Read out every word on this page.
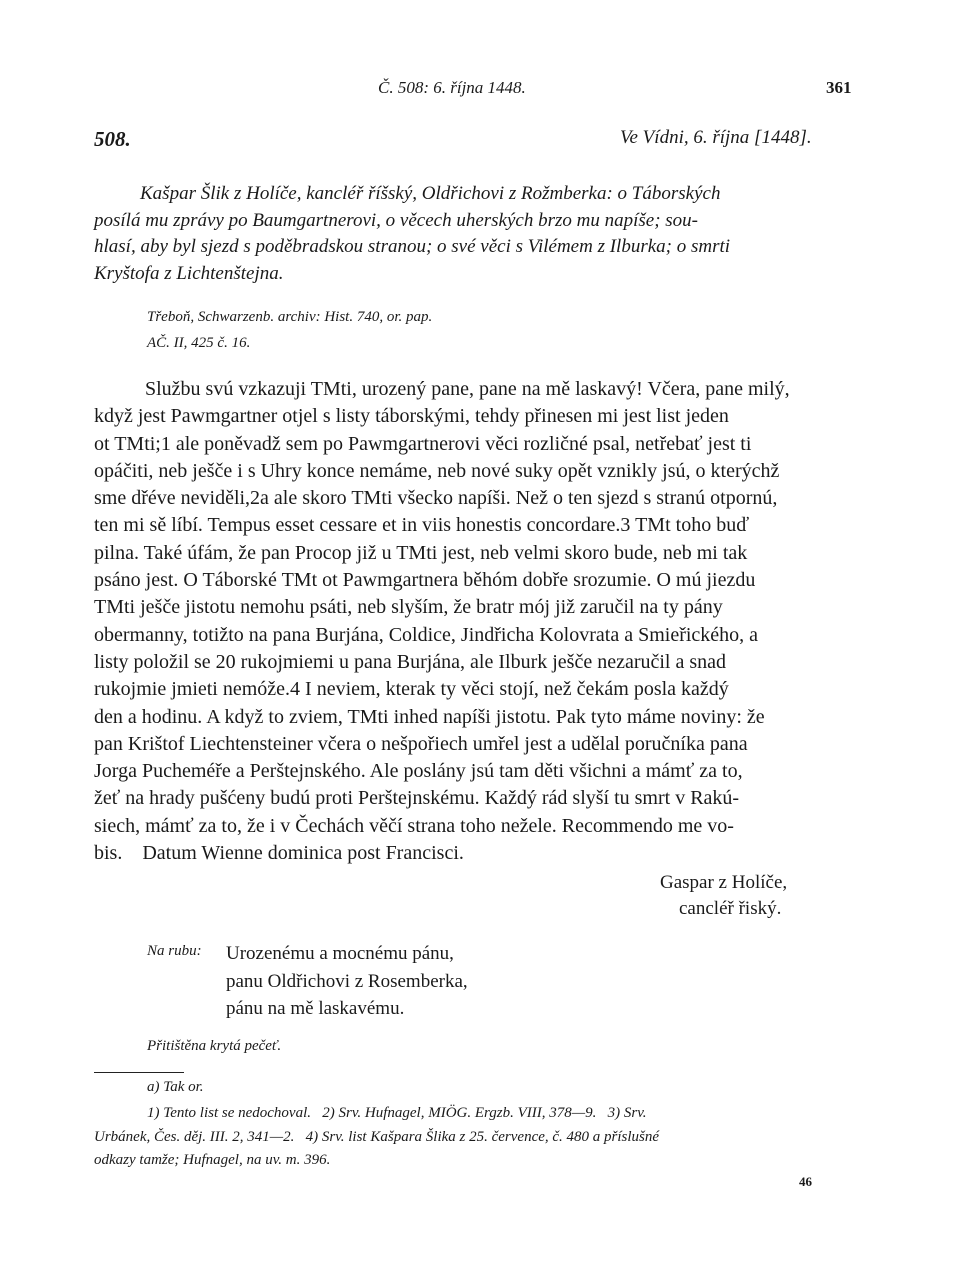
Č. 508: 6. října 1448.	361
508.	Ve Vídni, 6. října [1448].
Kašpar Šlik z Holíče, kancléř říšský, Oldřichovi z Rožmberka: o Táborských
posílá mu zprávy po Baumgartnerovi, o věcech uherských brzo mu napíše; sou-
hlasí, aby byl sjezd s poděbradskou stranou; o své věci s Vilémem z Ilburka; o smrti
Kryštofa z Lichtenštejna.
Třeboň, Schwarzenb. archiv: Hist. 740, or. pap.
AČ. II, 425 č. 16.
Službu svú vzkazuji TMti, urozený pane, pane na mě laskavý! Včera, pane milý,
když jest Pawmgartner otjel s listy táborskými, tehdy přinesen mi jest list jeden
ot TMti;1 ale poněvadž sem po Pawmgartnerovi věci rozličné psal, netřebať jest ti
opáčiti, neb ješče i s Uhry konce nemáme, neb nové suky opět vznikly jsú, o kterýchž
sme dřéve neviděli,2a ale skoro TMti všecko napíši. Než o ten sjezd s stranú otpornú,
ten mi sě líbí. Tempus esset cessare et in viis honestis concordare.3 TMt toho buď
pilna. Také úfám, že pan Procop již u TMti jest, neb velmi skoro bude, neb mi tak
psáno jest. O Táborské TMt ot Pawmgartnera běhóm dobře srozumie. O mú jiezdu
TMti ješče jistotu nemohu psáti, neb slyším, že bratr mój již zaručil na ty pány
obermanny, totižto na pana Burjána, Coldice, Jindřicha Kolovrata a Smieřického, a
listy položil se 20 rukojmiemi u pana Burjána, ale Ilburk ješče nezaručil a snad
rukojmie jmieti nemóže.4 I neviem, kterak ty věci stojí, než čekám posla každý
den a hodinu. A když to zviem, TMti inhed napíši jistotu. Pak tyto máme noviny: že
pan Krištof Liechtensteiner včera o nešpořiech umřel jest a udělal poručníka pana
Jorga Pucheméře a Perštejnského. Ale poslány jsú tam děti všichni a mámť za to,
žeť na hrady pušćeny budú proti Perštejnskému. Každý rád slyší tu smrt v Rakú-
siech, mámť za to, že i v Čechách věčí strana toho nežele. Recommendo me vo-
bis.    Datum Wienne dominica post Francisci.
Gaspar z Holíče,
cancléř řiský.
Na rubu: Urozenému a mocnému pánu,
panu Oldřichovi z Rosemberka,
pánu na mě laskavému.
Přitištěna krytá pečeť.
a) Tak or.
1) Tento list se nedochoval.   2) Srv. Hufnagel, MIÖG. Ergzb. VIII, 378—9.   3) Srv.
Urbánek, Čes. děj. III. 2, 341—2.   4) Srv. list Kašpara Šlika z 25. července, č. 480 a příslušné
odkazy tamže; Hufnagel, na uv. m. 396.
46
